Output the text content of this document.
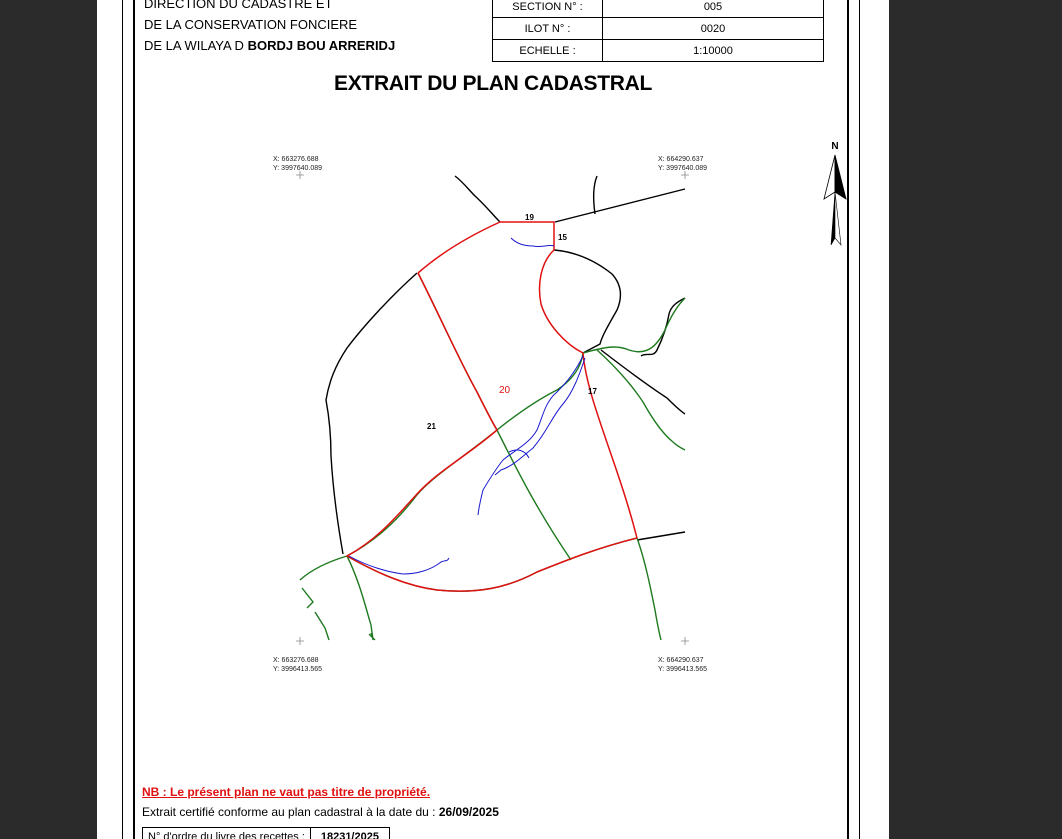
DIRECTION DU CADASTRE ET
DE LA CONSERVATION FONCIERE
DE LA WILAYA D BORDJ BOU ARRERIDJ
SECTION N° :	005
ILOT N° :	0020
ECHELLE :	1:10000
EXTRAIT DU PLAN CADASTRAL
19
15
20	17
21
N
X: 663276.688
Y: 3997640.089
X: 664290.637
Y: 3997640.089
X: 663276.688
Y: 3996413.565
X: 664290.637
Y: 3996413.565
NB : Le présent plan ne vaut pas titre de propriété.
Extrait certifié conforme au plan cadastral à la date du : 26/09/2025
N° d'ordre du livre des recettes :	18231/2025
